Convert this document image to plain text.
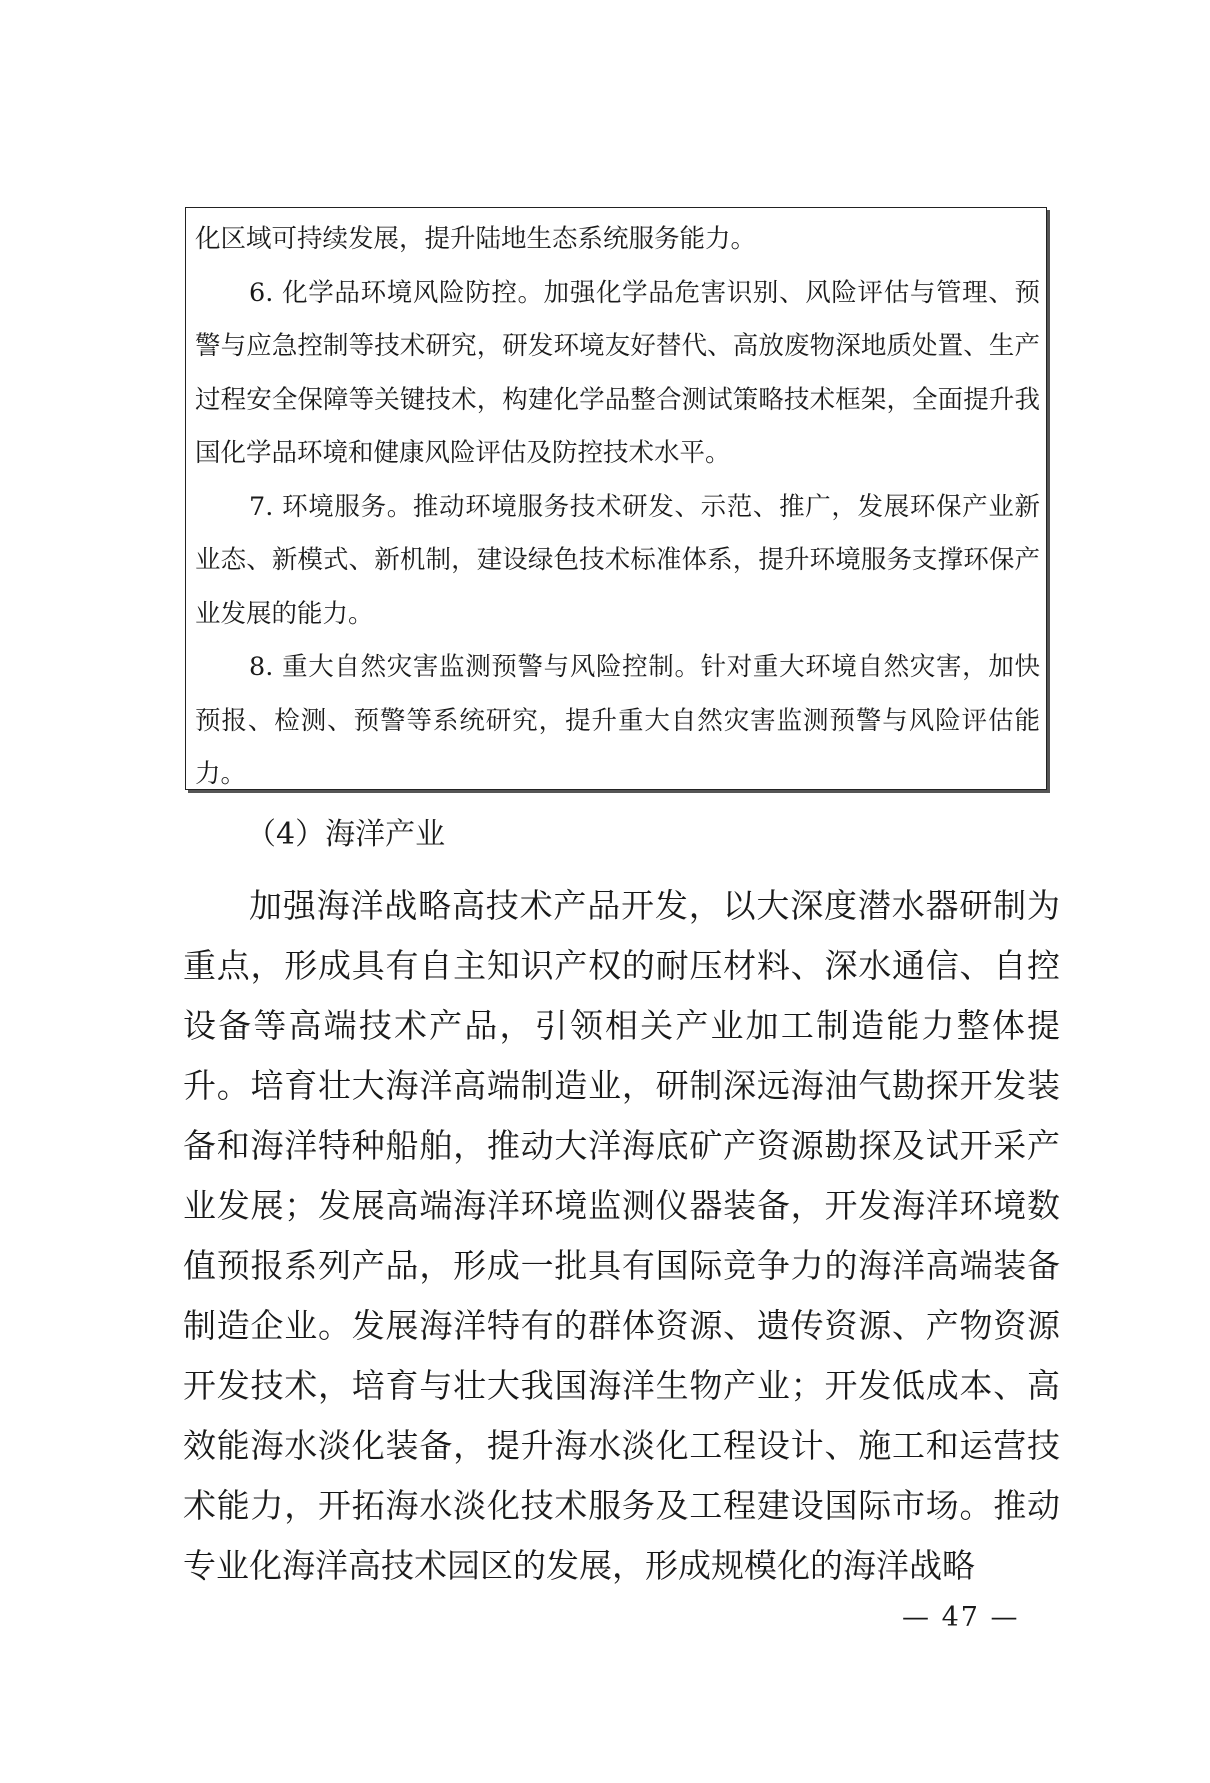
化区域可持续发展，提升陆地生态系统服务能力。

6. 化学品环境风险防控。加强化学品危害识别、风险评估与管理、预警与应急控制等技术研究，研发环境友好替代、高放废物深地质处置、生产过程安全保障等关键技术，构建化学品整合测试策略技术框架，全面提升我国化学品环境和健康风险评估及防控技术水平。

7. 环境服务。推动环境服务技术研发、示范、推广，发展环保产业新业态、新模式、新机制，建设绿色技术标准体系，提升环境服务支撑环保产业发展的能力。

8. 重大自然灾害监测预警与风险控制。针对重大环境自然灾害，加快预报、检测、预警等系统研究，提升重大自然灾害监测预警与风险评估能力。

（4）海洋产业

加强海洋战略高技术产品开发，以大深度潜水器研制为重点，形成具有自主知识产权的耐压材料、深水通信、自控设备等高端技术产品，引领相关产业加工制造能力整体提升。培育壮大海洋高端制造业，研制深远海油气勘探开发装备和海洋特种船舶，推动大洋海底矿产资源勘探及试开采产业发展；发展高端海洋环境监测仪器装备，开发海洋环境数值预报系列产品，形成一批具有国际竞争力的海洋高端装备制造企业。发展海洋特有的群体资源、遗传资源、产物资源开发技术，培育与壮大我国海洋生物产业；开发低成本、高效能海水淡化装备，提升海水淡化工程设计、施工和运营技术能力，开拓海水淡化技术服务及工程建设国际市场。推动专业化海洋高技术园区的发展，形成规模化的海洋战略

— 47 —
